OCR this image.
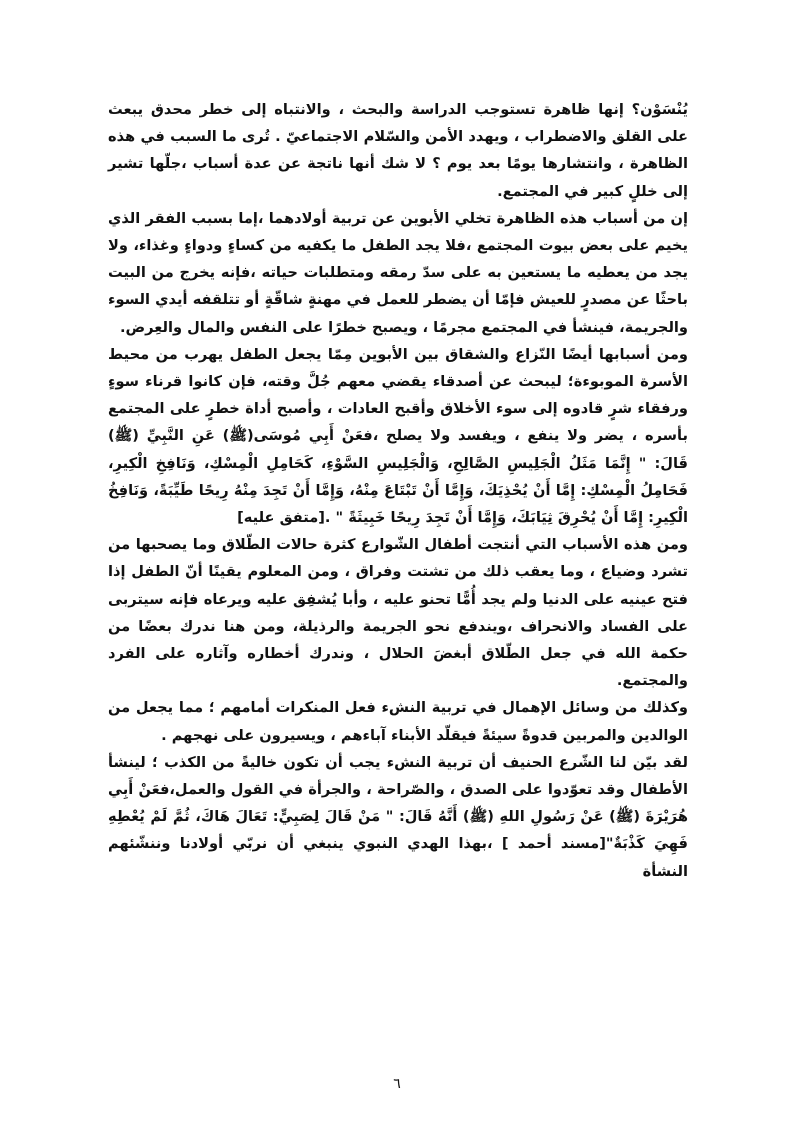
يُنْسَوْن؟ إنها ظاهرة تستوجب الدراسة والبحث ، والانتباه إلى خطر محدق يبعث على القلق والاضطراب ، ويهدد الأمن والسّلام الاجتماعيّ . تُرى ما السبب في هذه الظاهرة ، وانتشارها يومًا بعد يوم ؟ لا شك أنها ناتجة عن عدة أسباب ،جلّها تشير إلى خللٍ كبير في المجتمع.

إن من أسباب هذه الظاهرة تخلي الأبوين عن تربية أولادهما ،إما بسبب الفقر الذي يخيم على بعض بيوت المجتمع ،فلا يجد الطفل ما يكفيه من كساءٍ ودواءٍ وغذاء، ولا يجد من يعطيه ما يستعين به على سدّ رمقه ومتطلبات حياته ،فإنه يخرج من البيت باحثًا عن مصدرٍ للعيش فإمّا أن يضطر للعمل في مهنةٍ شاقّةٍ أو تتلقفه أيدي السوء والجريمة، فينشأ في المجتمع مجرمًا ، ويصبح خطرًا على النفس والمال والعِرض.

ومن أسبابها أيضًا النّزاع والشقاق بين الأبوين مِمّا يجعل الطفل يهرب من محيط الأسرة الموبوءة؛ ليبحث عن أصدقاء يقضي معهم جُلَّ وقته، فإن كانوا قرناء سوءٍ ورفقاء شرٍ قادوه إلى سوء الأخلاق وأقبح العادات ، وأصبح أداة خطرٍ على المجتمع بأسره ، يضر ولا ينفع ، ويفسد ولا يصلح ،فعَنْ أَبِي مُوسَى(ﷺ) عَنِ النَّبِيِّ (ﷺ) قَالَ: " إِنَّمَا مَثَلُ الْجَلِيسِ الصَّالِحِ، وَالْجَلِيسِ السَّوْءِ، كَحَامِلِ الْمِسْكِ، وَنَافِخِ الْكِيرِ، فَحَامِلُ الْمِسْكِ: إِمَّا أَنْ يُحْذِيَكَ، وَإِمَّا أَنْ تَبْتَاعَ مِنْهُ، وَإِمَّا أَنْ تَجِدَ مِنْهُ رِيحًا طَيِّبَةً، وَنَافِخُ الْكِيرِ: إِمَّا أَنْ يُحْرِقَ ثِيَابَكَ، وَإِمَّا أَنْ تَجِدَ رِيحًا خَبِيثَةً " .[متفق عليه]

ومن هذه الأسباب التي أنتجت أطفال الشّوارع كثرة حالات الطّلاق وما يصحبها من تشرد وضياع ، وما يعقب ذلك من تشتت وفراق ، ومن المعلوم يقينًا أنّ الطفل إذا فتح عينيه على الدنيا ولم يجد أُمًّا تحنو عليه ، وأبا يُشفِق عليه ويرعاه فإنه سيتربى على الفساد والانحراف ،ويندفع نحو الجريمة والرذيلة، ومن هنا ندرك بعضًا من حكمة الله في جعل الطّلاق أبغضَ الحلال ، وندرك أخطاره وآثاره على الفرد والمجتمع.

وكذلك من وسائل الإهمال في تربية النشء فعل المنكرات أمامهم ؛ مما يجعل من الوالدين والمربين قدوةً سيئةً فيقلّد الأبناء آباءهم ، ويسيرون على نهجهم .

لقد بيّن لنا الشّرع الحنيف أن تربية النشء يجب أن تكون خاليةً من الكذب ؛ لينشأ الأطفال وقد تعوّدوا على الصدق ، والصّراحة ، والجرأة في القول والعمل،فعَنْ أَبِي هُرَيْرَةَ (ﷺ) عَنْ رَسُولِ اللهِ (ﷺ) أَنَّهُ قَالَ: " مَنْ قَالَ لِصَبِيٍّ: تَعَالَ هَاكَ، ثُمَّ لَمْ يُعْطِهِ فَهِيَ كَذْبَةٌ"[مسند أحمد ] ،بهذا الهدي النبوي ينبغي أن نربّي أولادنا وننشّئهم النشأة

٦
